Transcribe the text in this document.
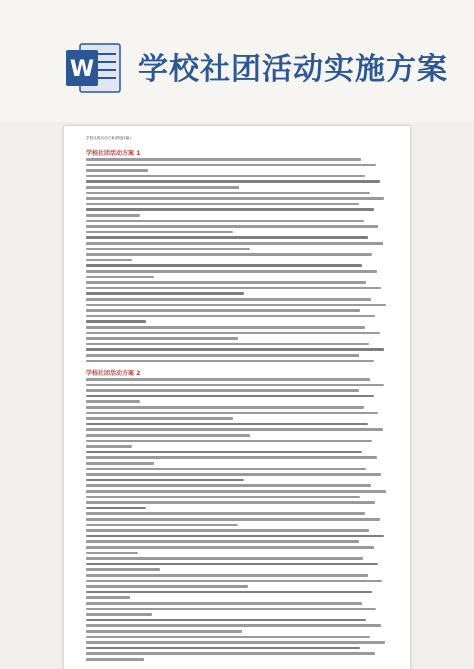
W 学校社团活动实施方案
学校社团活动方案(精选5篇)
学校社团活动方案 1
学校社团活动方案 2
